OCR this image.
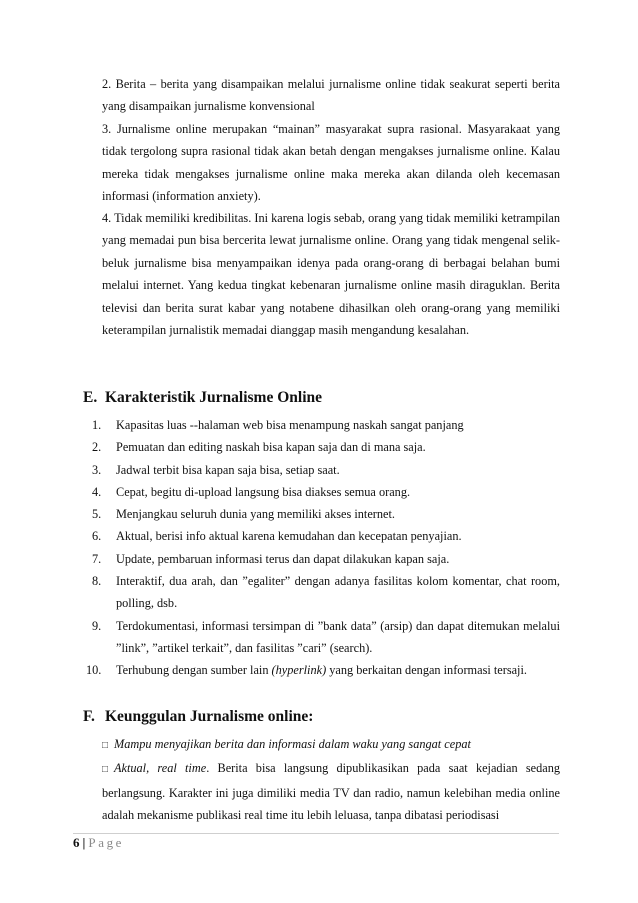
2. Berita – berita yang disampaikan melalui jurnalisme online tidak seakurat seperti berita yang disampaikan jurnalisme konvensional
3. Jurnalisme online merupakan “mainan” masyarakat supra rasional. Masyarakaat yang tidak tergolong supra rasional tidak akan betah dengan mengakses jurnalisme online. Kalau mereka tidak mengakses jurnalisme online maka mereka akan dilanda oleh kecemasan informasi (information anxiety).
4. Tidak memiliki kredibilitas. Ini karena logis sebab, orang yang tidak memiliki ketrampilan yang memadai pun bisa bercerita lewat jurnalisme online. Orang yang tidak mengenal selik-beluk jurnalisme bisa menyampaikan idenya pada orang-orang di berbagai belahan bumi melalui internet. Yang kedua tingkat kebenaran jurnalisme online masih diraguklan. Berita televisi dan berita surat kabar yang notabene dihasilkan oleh orang-orang yang memiliki keterampilan jurnalistik memadai dianggap masih mengandung kesalahan.
E. Karakteristik Jurnalisme Online
1. Kapasitas luas --halaman web bisa menampung naskah sangat panjang
2. Pemuatan dan editing naskah bisa kapan saja dan di mana saja.
3. Jadwal terbit bisa kapan saja bisa, setiap saat.
4. Cepat, begitu di-upload langsung bisa diakses semua orang.
5. Menjangkau seluruh dunia yang memiliki akses internet.
6. Aktual, berisi info aktual karena kemudahan dan kecepatan penyajian.
7. Update, pembaruan informasi terus dan dapat dilakukan kapan saja.
8. Interaktif, dua arah, dan ”egaliter” dengan adanya fasilitas kolom komentar, chat room, polling, dsb.
9. Terdokumentasi, informasi tersimpan di ”bank data” (arsip) dan dapat ditemukan melalui ”link”, ”artikel terkait”, dan fasilitas ”cari” (search).
10. Terhubung dengan sumber lain (hyperlink) yang berkaitan dengan informasi tersaji.
F. Keunggulan Jurnalisme online:

□ Mampu menyajikan berita dan informasi dalam waku yang sangat cepat

□ Aktual, real time. Berita bisa langsung dipublikasikan pada saat kejadian sedang berlangsung. Karakter ini juga dimiliki media TV dan radio, namun kelebihan media online adalah mekanisme publikasi real time itu lebih leluasa, tanpa dibatasi periodisasi

6 | Page
